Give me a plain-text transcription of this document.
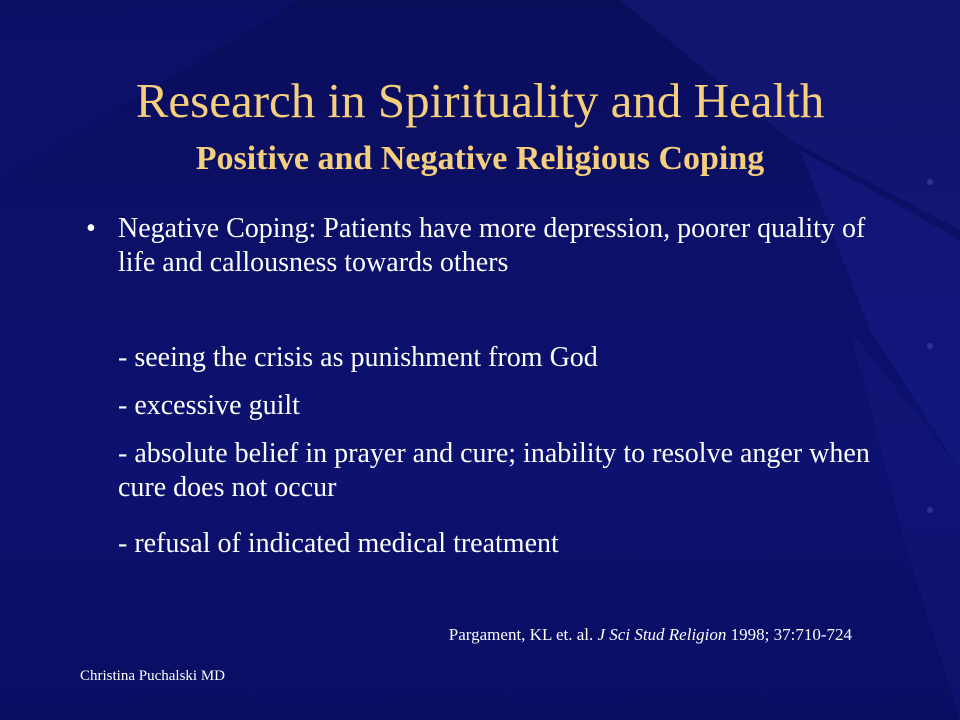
Research in Spirituality and Health
Positive and Negative Religious Coping
• Negative Coping: Patients have more depression, poorer quality of life and callousness towards others
- seeing the crisis as punishment from God
- excessive guilt
- absolute belief in prayer and cure; inability to resolve anger when cure does not occur
- refusal of indicated medical treatment
Pargament, KL et. al. J Sci Stud Religion 1998; 37:710-724
Christina Puchalski MD
